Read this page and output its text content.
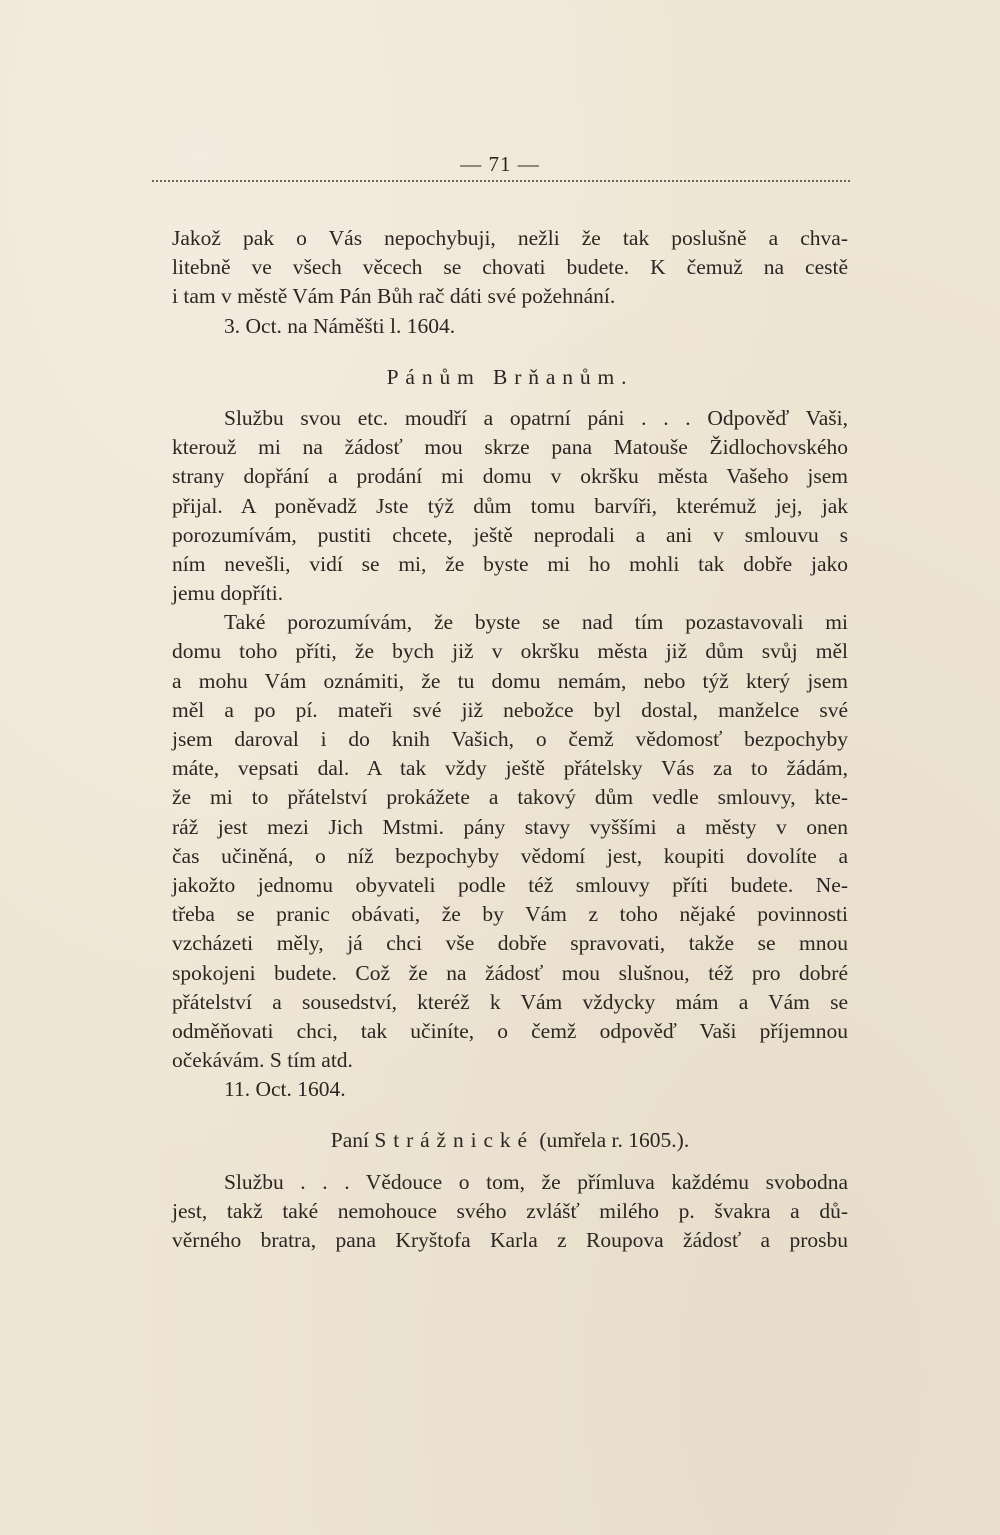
— 71 —
Jakož pak o Vás nepochybuji, nežli že tak poslušně a chva-
litebně ve všech věcech se chovati budete. K čemuž na cestě
i tam v městě Vám Pán Bůh rač dáti své požehnání.
3. Oct. na Náměšti l. 1604.
Pánům Brňanům.
Službu svou etc. moudří a opatrní páni . . . Odpověď Vaši,
kterouž mi na žádosť mou skrze pana Matouše Židlochovského
strany dopřání a prodání mi domu v okršku města Vašeho jsem
přijal. A poněvadž Jste týž dům tomu barvíři, kterémuž jej, jak
porozumívám, pustiti chcete, ještě neprodali a ani v smlouvu s
ním nevešli, vidí se mi, že byste mi ho mohli tak dobře jako
jemu dopříti.
Také porozumívám, že byste se nad tím pozastavovali mi
domu toho příti, že bych již v okršku města již dům svůj měl
a mohu Vám oznámiti, že tu domu nemám, nebo týž který jsem
měl a po pí. mateři své již nebožce byl dostal, manželce své
jsem daroval i do knih Vašich, o čemž vědomosť bezpochyby
máte, vepsati dal. A tak vždy ještě přátelsky Vás za to žádám,
že mi to přátelství prokážete a takový dům vedle smlouvy, kte-
ráž jest mezi Jich Mstmi. pány stavy vyššími a městy v onen
čas učiněná, o níž bezpochyby vědomí jest, koupiti dovolíte a
jakožto jednomu obyvateli podle též smlouvy příti budete. Ne-
třeba se pranic obávati, že by Vám z toho nějaké povinnosti
vzcházeti měly, já chci vše dobře spravovati, takže se mnou
spokojeni budete. Což že na žádosť mou slušnou, též pro dobré
přátelství a sousedství, kteréž k Vám vždycky mám a Vám se
odměňovati chci, tak učiníte, o čemž odpověď Vaši příjemnou
očekávám. S tím atd.
11. Oct. 1604.
Paní Strážnické (umřela r. 1605.).
Službu . . . Vědouce o tom, že přímluva každému svobodna
jest, takž také nemohouce svého zvlášť milého p. švakra a dů-
věrného bratra, pana Kryštofa Karla z Roupova žádosť a prosbu
